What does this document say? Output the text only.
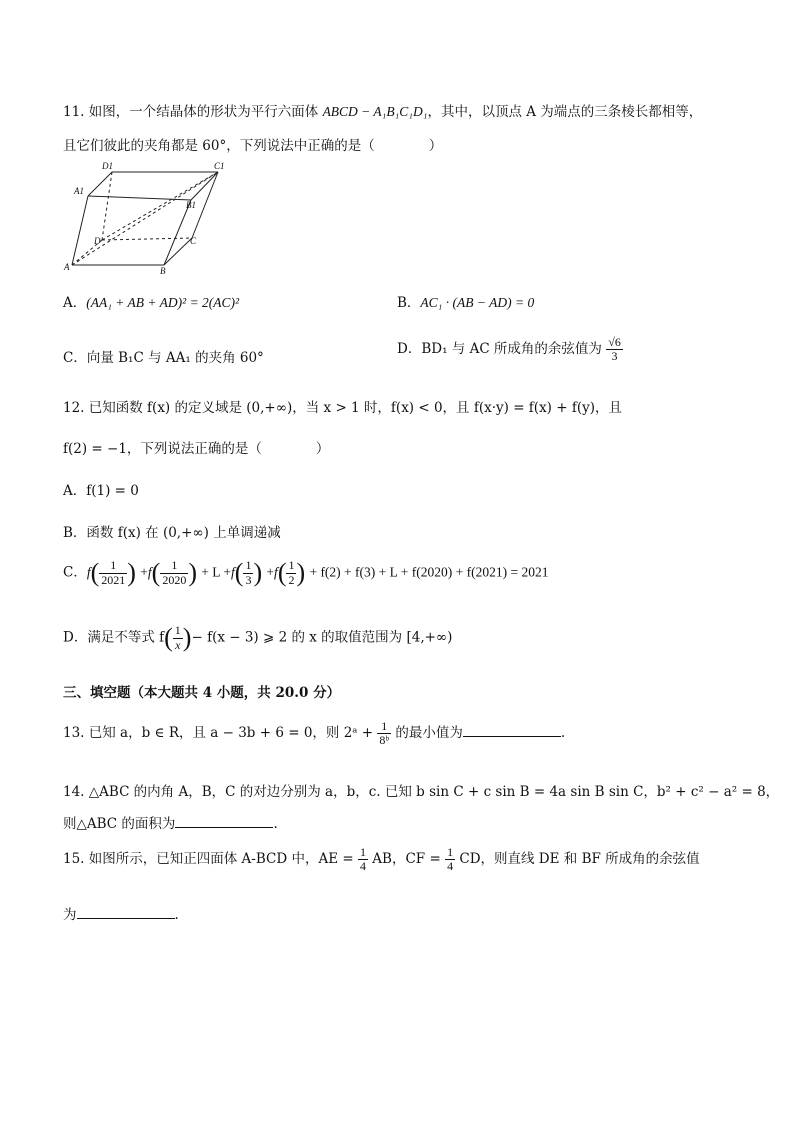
11. 如图，一个结晶体的形状为平行六面体 ABCD − A₁B₁C₁D₁，其中，以顶点 A 为端点的三条棱长都相等，
且它们彼此的夹角都是 60°，下列说法中正确的是（　　　　）
D1	C1
A1
B1
D	C
A	B
A．(AA₁ + AB + AD)² = 2(AC)²	B．AC₁ · (AB − AD) = 0
C．向量 B₁C 与 AA₁ 的夹角 60°
D．BD₁ 与 AC 所成角的余弦值为 $\frac{√6}{3}$
12. 已知函数 f(x) 的定义域是 (0,+∞)，当 x > 1 时，f(x) < 0，且 f(x·y) = f(x) + f(y)，且
f(2) = −1，下列说法正确的是（　　　　）
A．f(1) = 0
B．函数 f(x) 在 (0,+∞) 上单调递减
C．$f( \frac{1}{2021}$ ) $+f( \frac{1}{2020}$ ) + $L +f( \frac{1}{3}$ ) $+f( \frac{1}{2}$ ) + f(2) + f(3) + L + f(2020) + f(2021) = 2021
D．满足不等式 $f( \frac{1}{x}$ )− f(x − 3) ⩾ 2 的 x 的取值范围为 [4,+∞)
三、填空题（本大题共 4 小题，共 20.0 分）
13. 已知 a，b ∈ R，且 a − 3b + 6 = 0，则 2ᵃ + $\frac{1}{\text{8ᵇ}}$ 的最小值为	.
14. △ABC 的内角 A，B，C 的对边分别为 a，b，c. 已知 b sin C + c sin B = 4a sin B sin C，b² + c² − a² = 8，
则△ABC 的面积为	.
15. 如图所示，已知正四面体 A-BCD 中，AE = $\frac{1}{4}$ AB，CF = $\frac{1}{4}$ CD，则直线 DE 和 BF 所成角的余弦值
为	.
